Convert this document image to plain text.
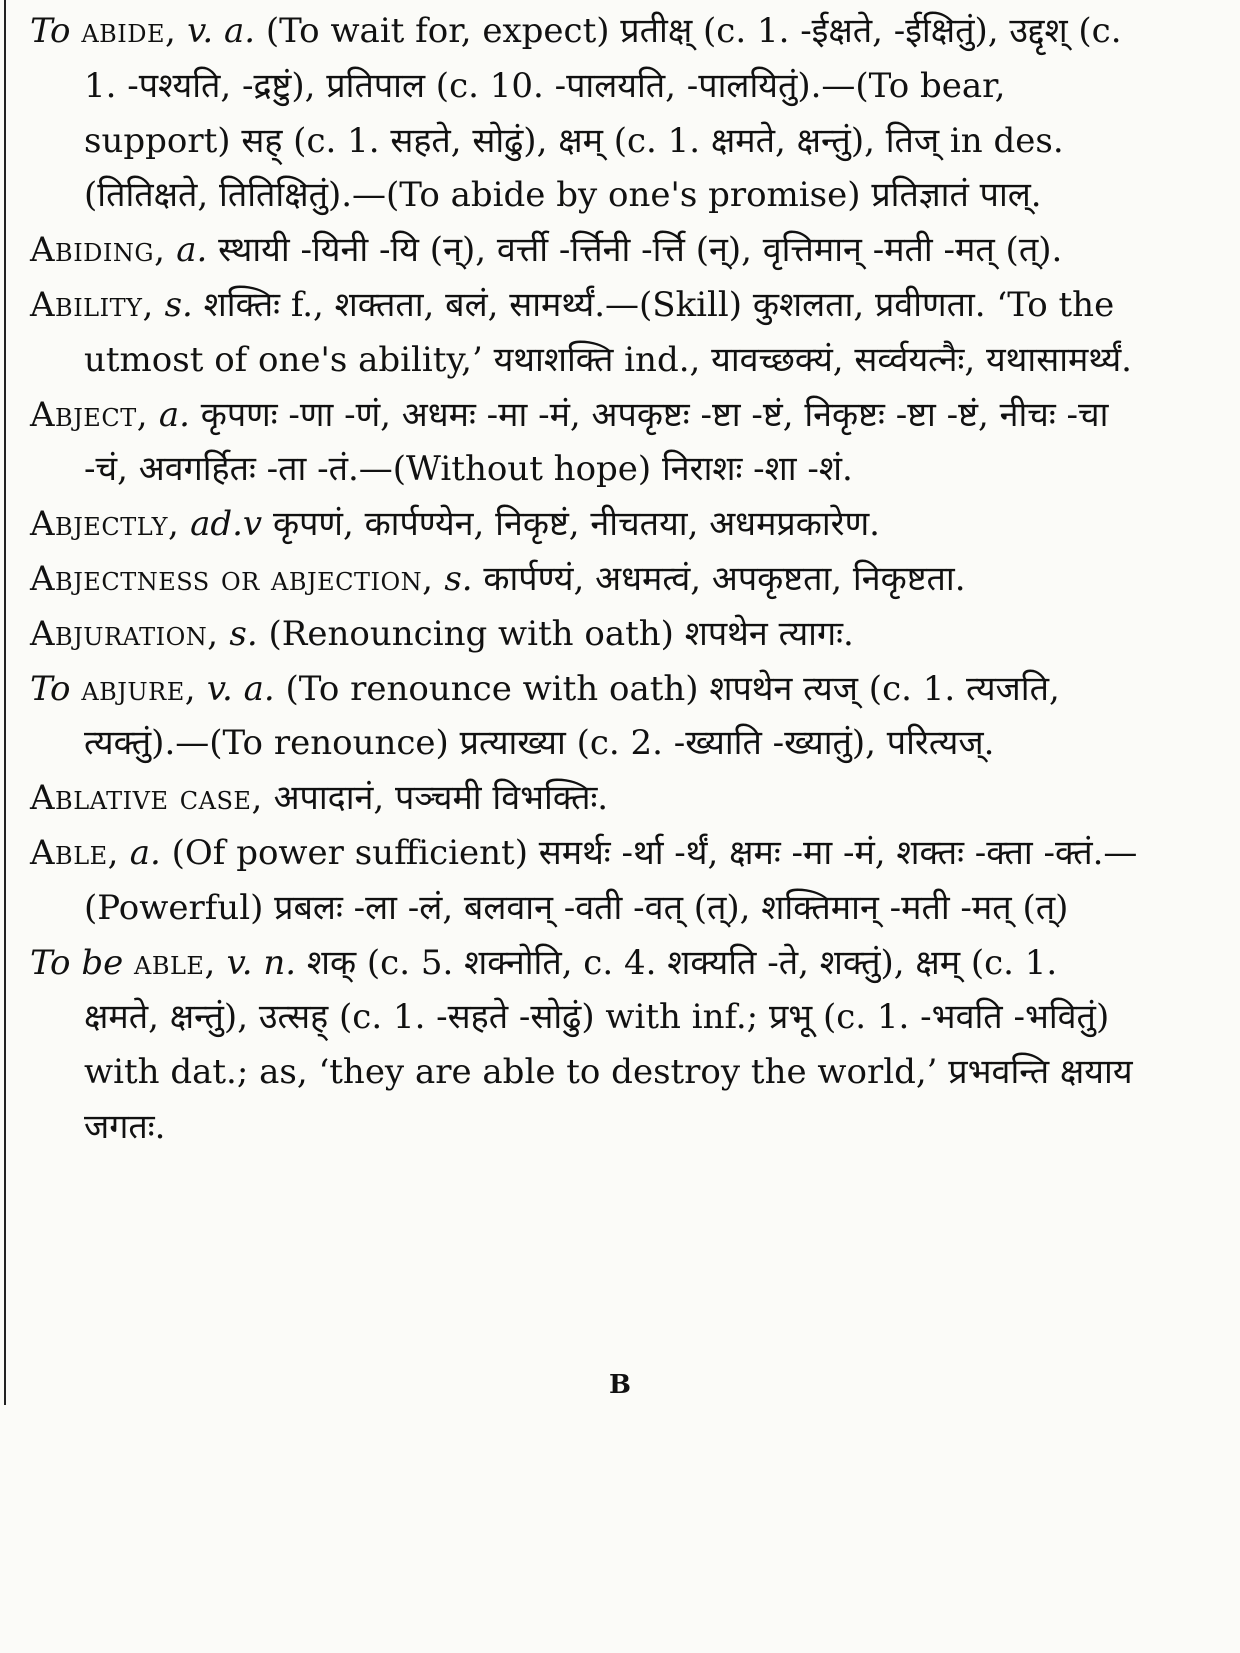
To abide, v. a. (To wait for, expect) प्रतीक्ष् (c. 1. -ईक्षते, -ईक्षितुं), उद्दृश् (c. 1. -पश्यति, -द्रष्टुं), प्रतिपाल (c. 10. -पालयति, -पालयितुं).—(To bear, support) सह् (c. 1. सहते, सोढुं), क्षम् (c. 1. क्षमते, क्षन्तुं), तिज् in des. (तितिक्षते, तितिक्षितुं).—(To abide by one's promise) प्रतिज्ञातं पाल्.

Abiding, a. स्थायी -यिनी -यि (न्), वर्त्ती -र्त्तिनी -र्त्ति (न्), वृत्तिमान् -मती -मत् (त्).

Ability, s. शक्तिः f., शक्तता, बलं, सामर्थ्यं.—(Skill) कुशलता, प्रवीणता. ‘To the utmost of one's ability,’ यथाशक्ति ind., यावच्छक्यं, सर्व्वयत्नैः, यथासामर्थ्यं.

Abject, a. कृपणः -णा -णं, अधमः -मा -मं, अपकृष्टः -ष्टा -ष्टं, निकृष्टः -ष्टा -ष्टं, नीचः -चा -चं, अवगर्हितः -ता -तं.—(Without hope) निराशः -शा -शं.

Abjectly, ad.v कृपणं, कार्पण्येन, निकृष्टं, नीचतया, अधमप्रकारेण.

Abjectness or abjection, s. कार्पण्यं, अधमत्वं, अपकृष्टता, निकृष्टता.

Abjuration, s. (Renouncing with oath) शपथेन त्यागः.

To abjure, v. a. (To renounce with oath) शपथेन त्यज् (c. 1. त्यजति, त्यक्तुं).—(To renounce) प्रत्याख्या (c. 2. -ख्याति -ख्यातुं), परित्यज्.

Ablative case, अपादानं, पञ्चमी विभक्तिः.

Able, a. (Of power sufficient) समर्थः -र्था -र्थं, क्षमः -मा -मं, शक्तः -क्ता -क्तं.—(Powerful) प्रबलः -ला -लं, बलवान् -वती -वत् (त्), शक्तिमान् -मती -मत् (त्)

To be able, v. n. शक् (c. 5. शक्नोति, c. 4. शक्यति -ते, शक्तुं), क्षम् (c. 1. क्षमते, क्षन्तुं), उत्सह् (c. 1. -सहते -सोढुं) with inf.; प्रभू (c. 1. -भवति -भवितुं) with dat.; as, ‘they are able to destroy the world,’ प्रभवन्ति क्षयाय जगतः.

B
